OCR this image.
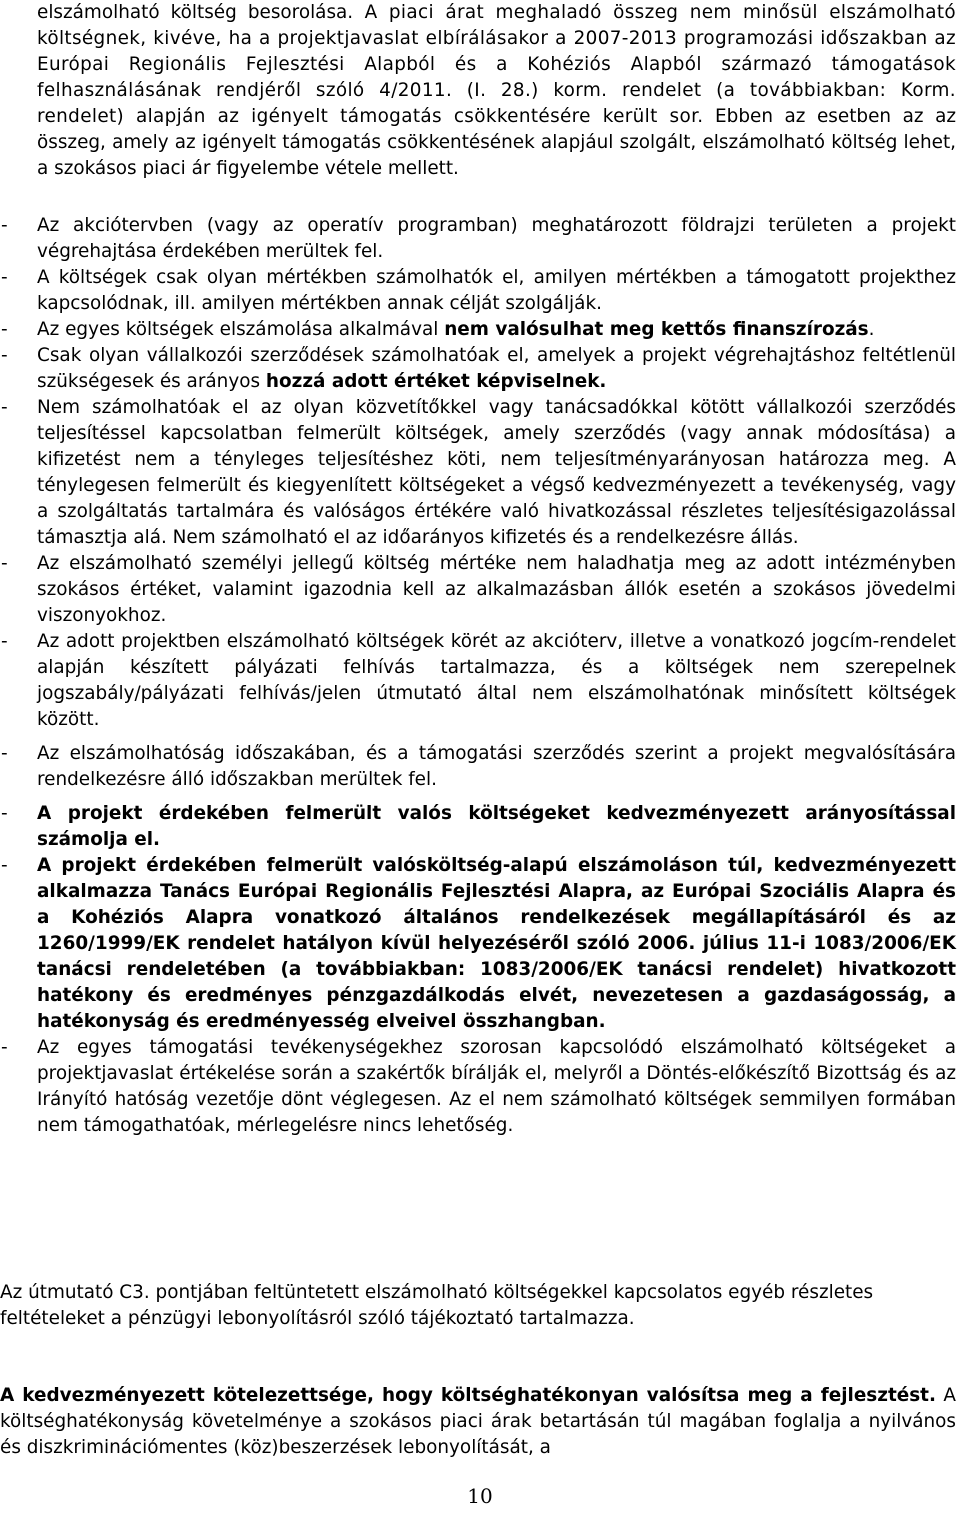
elszámolható költség besorolása. A piaci árat meghaladó összeg nem minősül elszámolható költségnek, kivéve, ha a projektjavaslat elbírálásakor a 2007-2013 programozási időszakban az Európai Regionális Fejlesztési Alapból és a Kohéziós Alapból származó támogatások felhasználásának rendjéről szóló 4/2011. (I. 28.) korm. rendelet (a továbbiakban: Korm. rendelet) alapján az igényelt támogatás csökkentésére került sor. Ebben az esetben az az összeg, amely az igényelt támogatás csökkentésének alapjául szolgált, elszámolható költség lehet, a szokásos piaci ár figyelembe vétele mellett.
- Az akciótervben (vagy az operatív programban) meghatározott földrajzi területen a projekt végrehajtása érdekében merültek fel.
- A költségek csak olyan mértékben számolhatók el, amilyen mértékben a támogatott projekthez kapcsolódnak, ill. amilyen mértékben annak célját szolgálják.
- Az egyes költségek elszámolása alkalmával nem valósulhat meg kettős finanszírozás.
- Csak olyan vállalkozói szerződések számolhatóak el, amelyek a projekt végrehajtáshoz feltétlenül szükségesek és arányos hozzá adott értéket képviselnek.
- Nem számolhatóak el az olyan közvetítőkkel vagy tanácsadókkal kötött vállalkozói szerződés teljesítéssel kapcsolatban felmerült költségek, amely szerződés (vagy annak módosítása) a kifizetést nem a tényleges teljesítéshez köti, nem teljesítményarányosan határozza meg. A ténylegesen felmerült és kiegyenlített költségeket a végső kedvezményezett a tevékenység, vagy a szolgáltatás tartalmára és valóságos értékére való hivatkozással részletes teljesítésigazolással támasztja alá. Nem számolható el az időarányos kifizetés és a rendelkezésre állás.
- Az elszámolható személyi jellegű költség mértéke nem haladhatja meg az adott intézményben szokásos értéket, valamint igazodnia kell az alkalmazásban állók esetén a szokásos jövedelmi viszonyokhoz.
- Az adott projektben elszámolható költségek körét az akcióterv, illetve a vonatkozó jogcím-rendelet alapján készített pályázati felhívás tartalmazza, és a költségek nem szerepelnek jogszabály/pályázati felhívás/jelen útmutató által nem elszámolhatónak minősített költségek között.
- Az elszámolhatóság időszakában, és a támogatási szerződés szerint a projekt megvalósítására rendelkezésre álló időszakban merültek fel.
- A projekt érdekében felmerült valós költségeket kedvezményezett arányosítással számolja el.
- A projekt érdekében felmerült valósköltség-alapú elszámoláson túl, kedvezményezett alkalmazza Tanács Európai Regionális Fejlesztési Alapra, az Európai Szociális Alapra és a Kohéziós Alapra vonatkozó általános rendelkezések megállapításáról és az 1260/1999/EK rendelet hatályon kívül helyezéséről szóló 2006. július 11-i 1083/2006/EK tanácsi rendeletében (a továbbiakban: 1083/2006/EK tanácsi rendelet) hivatkozott hatékony és eredményes pénzgazdálkodás elvét, nevezetesen a gazdaságosság, a hatékonyság és eredményesség elveivel összhangban.
- Az egyes támogatási tevékenységekhez szorosan kapcsolódó elszámolható költségeket a projektjavaslat értékelése során a szakértők bírálják el, melyről a Döntés-előkészítő Bizottság és az Irányító hatóság vezetője dönt véglegesen. Az el nem számolható költségek semmilyen formában nem támogathatóak, mérlegelésre nincs lehetőség.
Az útmutató C3. pontjában feltüntetett elszámolható költségekkel kapcsolatos egyéb részletes feltételeket a pénzügyi lebonyolításról szóló tájékoztató tartalmazza.
A kedvezményezett kötelezettsége, hogy költséghatékonyan valósítsa meg a fejlesztést. A költséghatékonyság követelménye a szokásos piaci árak betartásán túl magában foglalja a nyilvános és diszkriminációmentes (köz)beszerzések lebonyolítását, a
10
